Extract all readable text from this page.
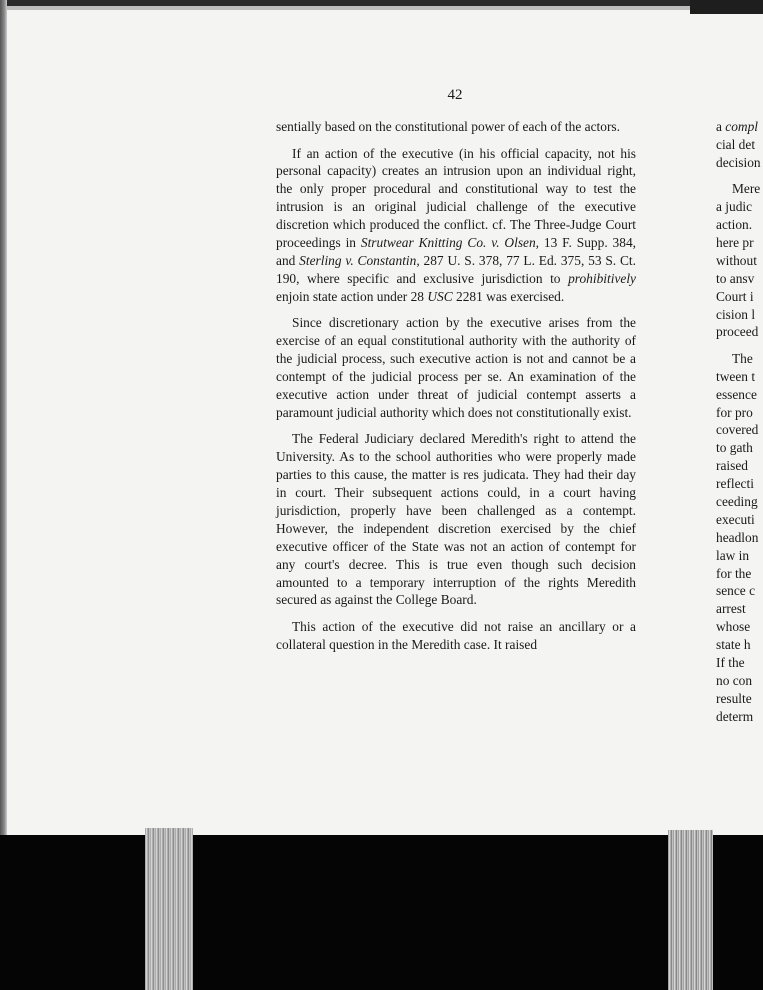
42

sentially based on the constitutional power of each of the actors.

If an action of the executive (in his official capacity, not his personal capacity) creates an intrusion upon an individual right, the only proper procedural and constitutional way to test the intrusion is an original judicial challenge of the executive discretion which produced the conflict. cf. The Three-Judge Court proceedings in Strutwear Knitting Co. v. Olsen, 13 F. Supp. 384, and Sterling v. Constantin, 287 U. S. 378, 77 L. Ed. 375, 53 S. Ct. 190, where specific and exclusive jurisdiction to prohibitively enjoin state action under 28 USC 2281 was exercised.

Since discretionary action by the executive arises from the exercise of an equal constitutional authority with the authority of the judicial process, such executive action is not and cannot be a contempt of the judicial process per se. An examination of the executive action under threat of judicial contempt asserts a paramount judicial authority which does not constitutionally exist.

The Federal Judiciary declared Meredith's right to attend the University. As to the school authorities who were properly made parties to this cause, the matter is res judicata. They had their day in court. Their subsequent actions could, in a court having jurisdiction, properly have been challenged as a contempt. However, the independent discretion exercised by the chief executive officer of the State was not an action of contempt for any court's decree. This is true even though such decision amounted to a temporary interruption of the rights Meredith secured as against the College Board.

This action of the executive did not raise an ancillary or a collateral question in the Meredith case. It raised

a compl
cial det
decision
Mere
a judic
action.
here pr
without
to ansv
Court i
cision l
proceed
The
tween t
essence
for pro
covered
to gath
raised
reflecti
ceeding
executi
headlon
law in
for the
sence c
arrest
whose
state h
If the
no con
resulte
determ
